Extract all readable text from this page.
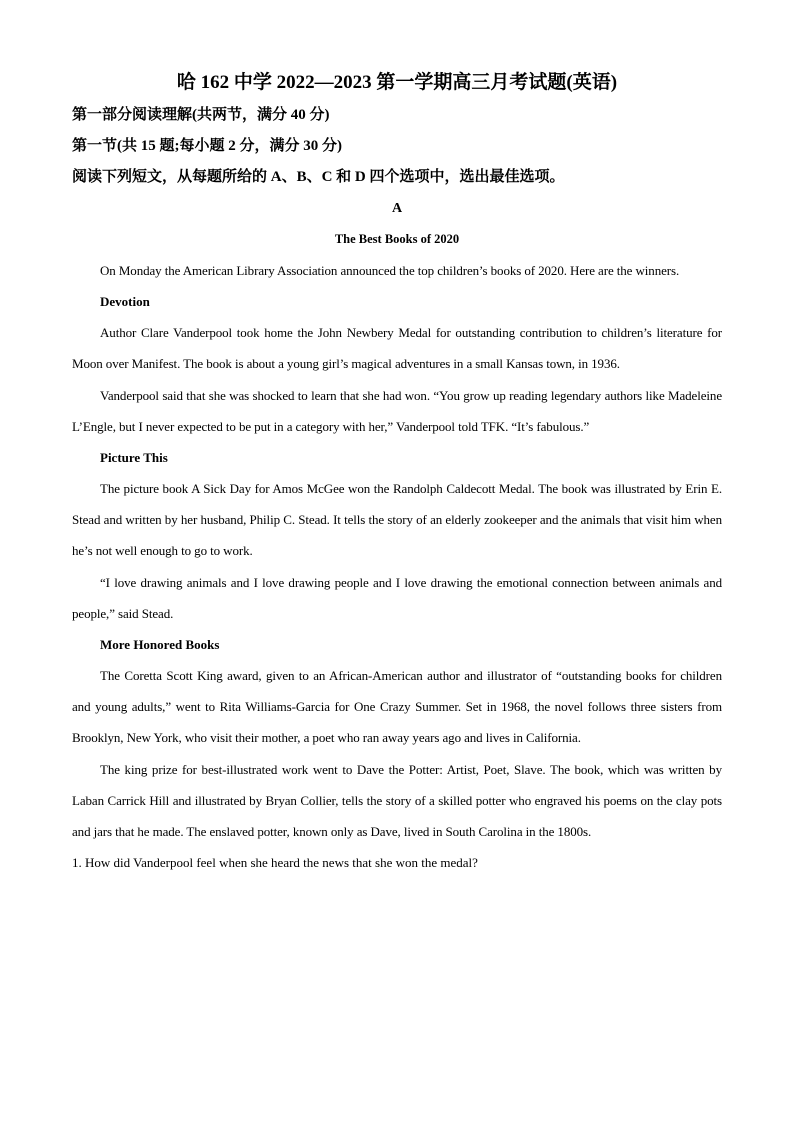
哈 162 中学 2022—2023 第一学期高三月考试题(英语)

第一部分阅读理解(共两节，满分 40 分)

第一节(共 15 题;每小题 2 分，满分 30 分)

阅读下列短文，从每题所给的 A、B、C 和 D 四个选项中，选出最佳选项。

A

The Best Books of 2020

On Monday the American Library Association announced the top children’s books of 2020. Here are the winners.

Devotion

Author Clare Vanderpool took home the John Newbery Medal for outstanding contribution to children’s literature for Moon over Manifest. The book is about a young girl’s magical adventures in a small Kansas town, in 1936.

Vanderpool said that she was shocked to learn that she had won. “You grow up reading legendary authors like Madeleine L’Engle, but I never expected to be put in a category with her,” Vanderpool told TFK. “It’s fabulous.”

Picture This

The picture book A Sick Day for Amos McGee won the Randolph Caldecott Medal. The book was illustrated by Erin E. Stead and written by her husband, Philip C. Stead. It tells the story of an elderly zookeeper and the animals that visit him when he’s not well enough to go to work.

“I love drawing animals and I love drawing people and I love drawing the emotional connection between animals and people,” said Stead.

More Honored Books

The Coretta Scott King award, given to an African-American author and illustrator of “outstanding books for children and young adults,” went to Rita Williams-Garcia for One Crazy Summer. Set in 1968, the novel follows three sisters from Brooklyn, New York, who visit their mother, a poet who ran away years ago and lives in California.

The king prize for best-illustrated work went to Dave the Potter: Artist, Poet, Slave. The book, which was written by Laban Carrick Hill and illustrated by Bryan Collier, tells the story of a skilled potter who engraved his poems on the clay pots and jars that he made. The enslaved potter, known only as Dave, lived in South Carolina in the 1800s.

1. How did Vanderpool feel when she heard the news that she won the medal?
